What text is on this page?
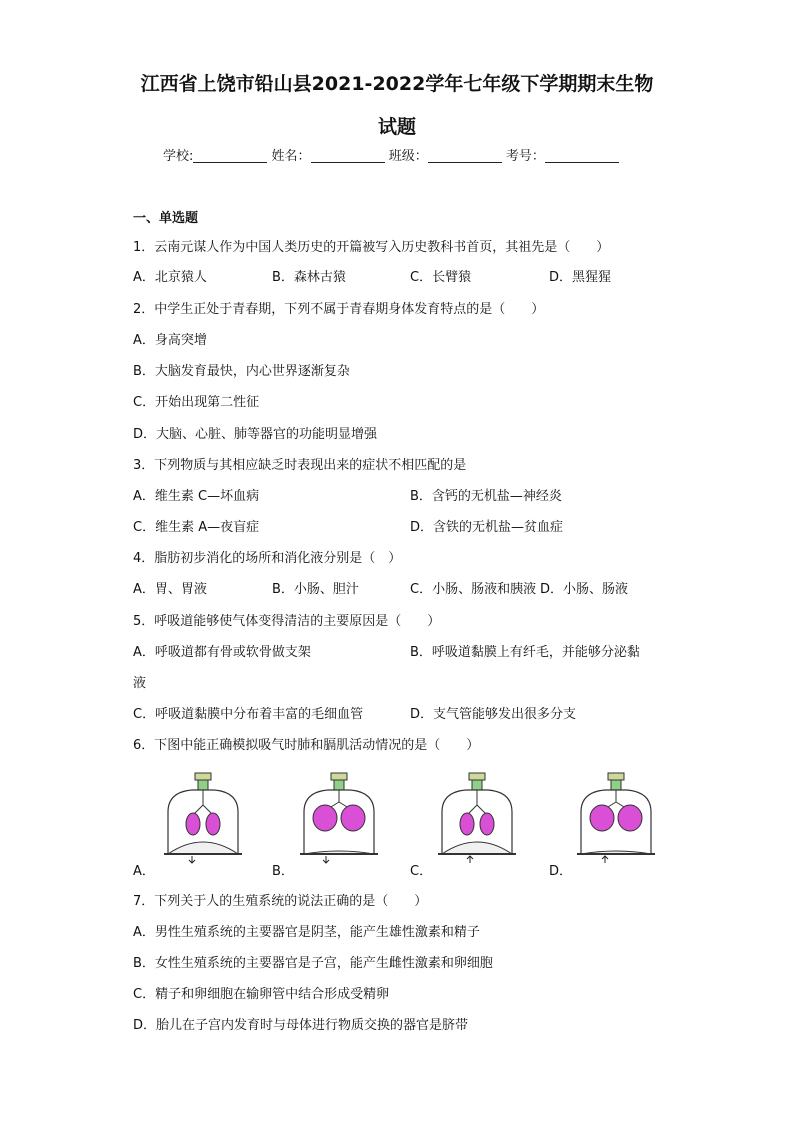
江西省上饶市铅山县2021-2022学年七年级下学期期末生物
试题
学校:	姓名：	班级：	考号：
一、单选题
1．云南元谋人作为中国人类历史的开篇被写入历史教科书首页，其祖先是（　　）
A．北京猿人	B．森林古猿	C．长臂猿	D．黑猩猩
2．中学生正处于青春期，下列不属于青春期身体发育特点的是（　　）
A．身高突增
B．大脑发育最快，内心世界逐渐复杂
C．开始出现第二性征
D．大脑、心脏、肺等器官的功能明显增强
3．下列物质与其相应缺乏时表现出来的症状不相匹配的是
A．维生素 C—坏血病	B．含钙的无机盐—神经炎
C．维生素 A—夜盲症	D．含铁的无机盐—贫血症
4．脂肪初步消化的场所和消化液分别是（　）
A．胃、胃液	B．小肠、胆汁	C．小肠、肠液和胰液 D．小肠、肠液
5．呼吸道能够使气体变得清洁的主要原因是（　　）
A．呼吸道都有骨或软骨做支架	B．呼吸道黏膜上有纤毛，并能够分泌黏
液
C．呼吸道黏膜中分布着丰富的毛细血管	D．支气管能够发出很多分支
6．下图中能正确模拟吸气时肺和膈肌活动情况的是（　　）
A．	B．	C．	D．
7．下列关于人的生殖系统的说法正确的是（　　）
A．男性生殖系统的主要器官是阴茎，能产生雄性激素和精子
B．女性生殖系统的主要器官是子宫，能产生雌性激素和卵细胞
C．精子和卵细胞在输卵管中结合形成受精卵
D．胎儿在子宫内发育时与母体进行物质交换的器官是脐带
